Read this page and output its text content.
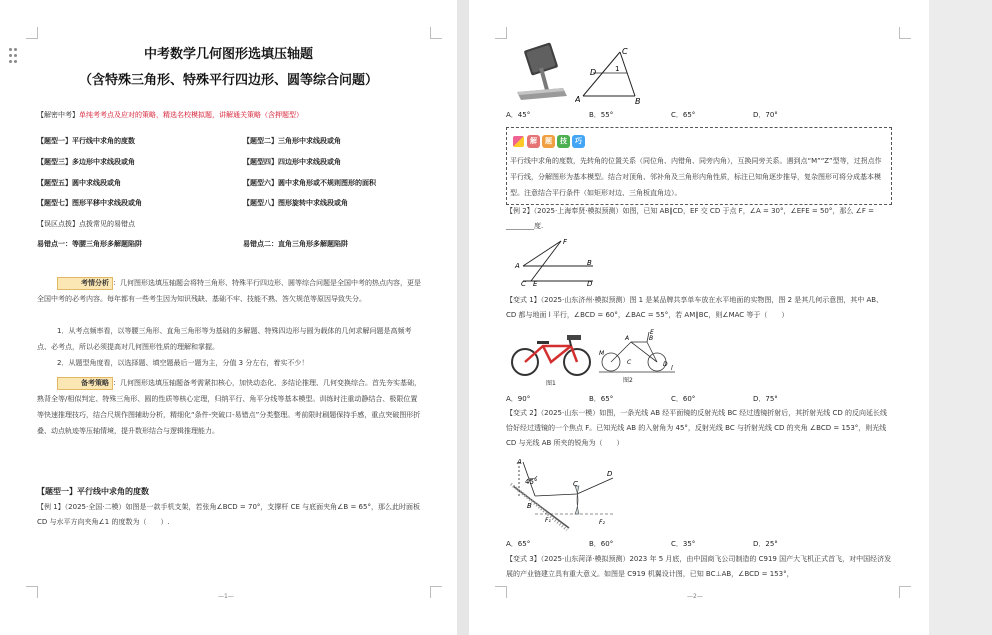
中考数学几何图形选填压轴题
（含特殊三角形、特殊平行四边形、圆等综合问题）
【解密中考】单纯考考点及应对的策略，精选名校模拟题，讲解通关策略（含押题型）
【题型一】平行线中求角的度数	【题型二】三角形中求线段或角
【题型三】多边形中求线段或角	【题型四】四边形中求线段或角
【题型五】圆中求线段或角	【题型六】圆中求角形或不规则图形的面积
【题型七】图形平移中求线段或角	【题型八】图形旋转中求线段或角
【误区点拨】点拨常见的易错点
易错点一：等腰三角形多解题陷阱	易错点二：直角三角形多解题陷阱
考情分析 ：几何图形选填压轴题会将特三角形、特殊平行四边形、圆等综合问题是全国中考的热点内容，更是全国中考的必考内容。每年都有一些考生因为知识残缺、基础不牢、技能不熟、答欠规范等原因导致失分。
1．从考点频率看，以等腰三角形、直角三角形等为基础的多解题、特殊四边形与圆为载体的几何求解问题是高频考点、必考点，所以必须提高对几何图形性质的理解和掌握。
2．从题型角度看，以选择题、填空题最后一题为主，分值 3 分左右，着实不少！
备考策略 ：几何图形选填压轴题备考需紧扣核心，加快动态化、多结论推理、几何变换综合。首先夯实基础，熟背全等/相似判定、特殊三角形、圆的性质等核心定理，归纳平行、角平分线等基本模型。训练时注重动静结合、极限位置等快速推理技巧，结合尺规作图辅助分析，精细化“条件-突破口-易错点”分类整理。考前限时刷题保持手感，重点突破图形折叠、动点轨迹等压轴情境，提升数形结合与逻辑推理能力。
【题型一】平行线中求角的度数
【例 1】（2025·全国·二模）如图是一款手机支架，若张角∠BCD = 70°，支撑杆 CE 与底面夹角∠B = 65°，那么此时面板 CD 与水平方向夹角∠1 的度数为（　　）.
—1—
A	B
C
D	1
A．45°	B．55°	C．65°	D．70°
解	题	技	巧
平行线中求角的度数，先转角的位置关系（同位角、内错角、同旁内角），互换同旁关系。遇到点“M”“Z”型等，过拐点作平行线，分解图形为基本模型。结合对顶角、邻补角及三角形内角性质，标注已知角逐步推导，复杂图形可将分成基本模型。注意结合平行条件（如矩形对边、三角板直角边）。
【例 2】（2025·上海奉贤·模拟预测）如图，已知 AB∥CD，EF 交 CD 于点 F，∠A = 30°，∠EFE = 50°，那么 ∠F = ________度.
A	B
C	D
E
F
【变式 1】（2025·山东济州·模拟预测）图 1 是某品牌共享单车放在水平地面的实物图，图 2 是其几何示意图，其中 AB、CD 都与地面 l 平行，∠BCD = 60°，∠BAC = 55°，若 AM∥BC，则∠MAC 等于（　　）
图1
M
A	B
E
C	D
l
图2
A．90°	B．65°	C．60°	D．75°
【变式 2】（2025·山东一模）如图，一条光线 AB 经平面镜的反射光线 BC 经过透镜折射后，其折射光线 CD 的反向延长线恰好经过透镜的一个焦点 F。已知光线 AB 的入射角为 45°，反射光线 BC 与折射光线 CD 的夹角 ∠BCD = 153°，则光线 CD 与光线 AB 所夹的锐角为（　　）
A
45°
B
C
D
F₁	F₂
A．65°	B．60°	C．35°	D．25°
【变式 3】（2025·山东菏泽·模拟预测）2023 年 5 月底，由中国商飞公司制造的 C919 国产大飞机正式首飞，对中国经济发展的产业链建立具有重大意义。如图是 C919 机翼设计图，已知 BC⊥AB，∠BCD = 153°，
—2—
